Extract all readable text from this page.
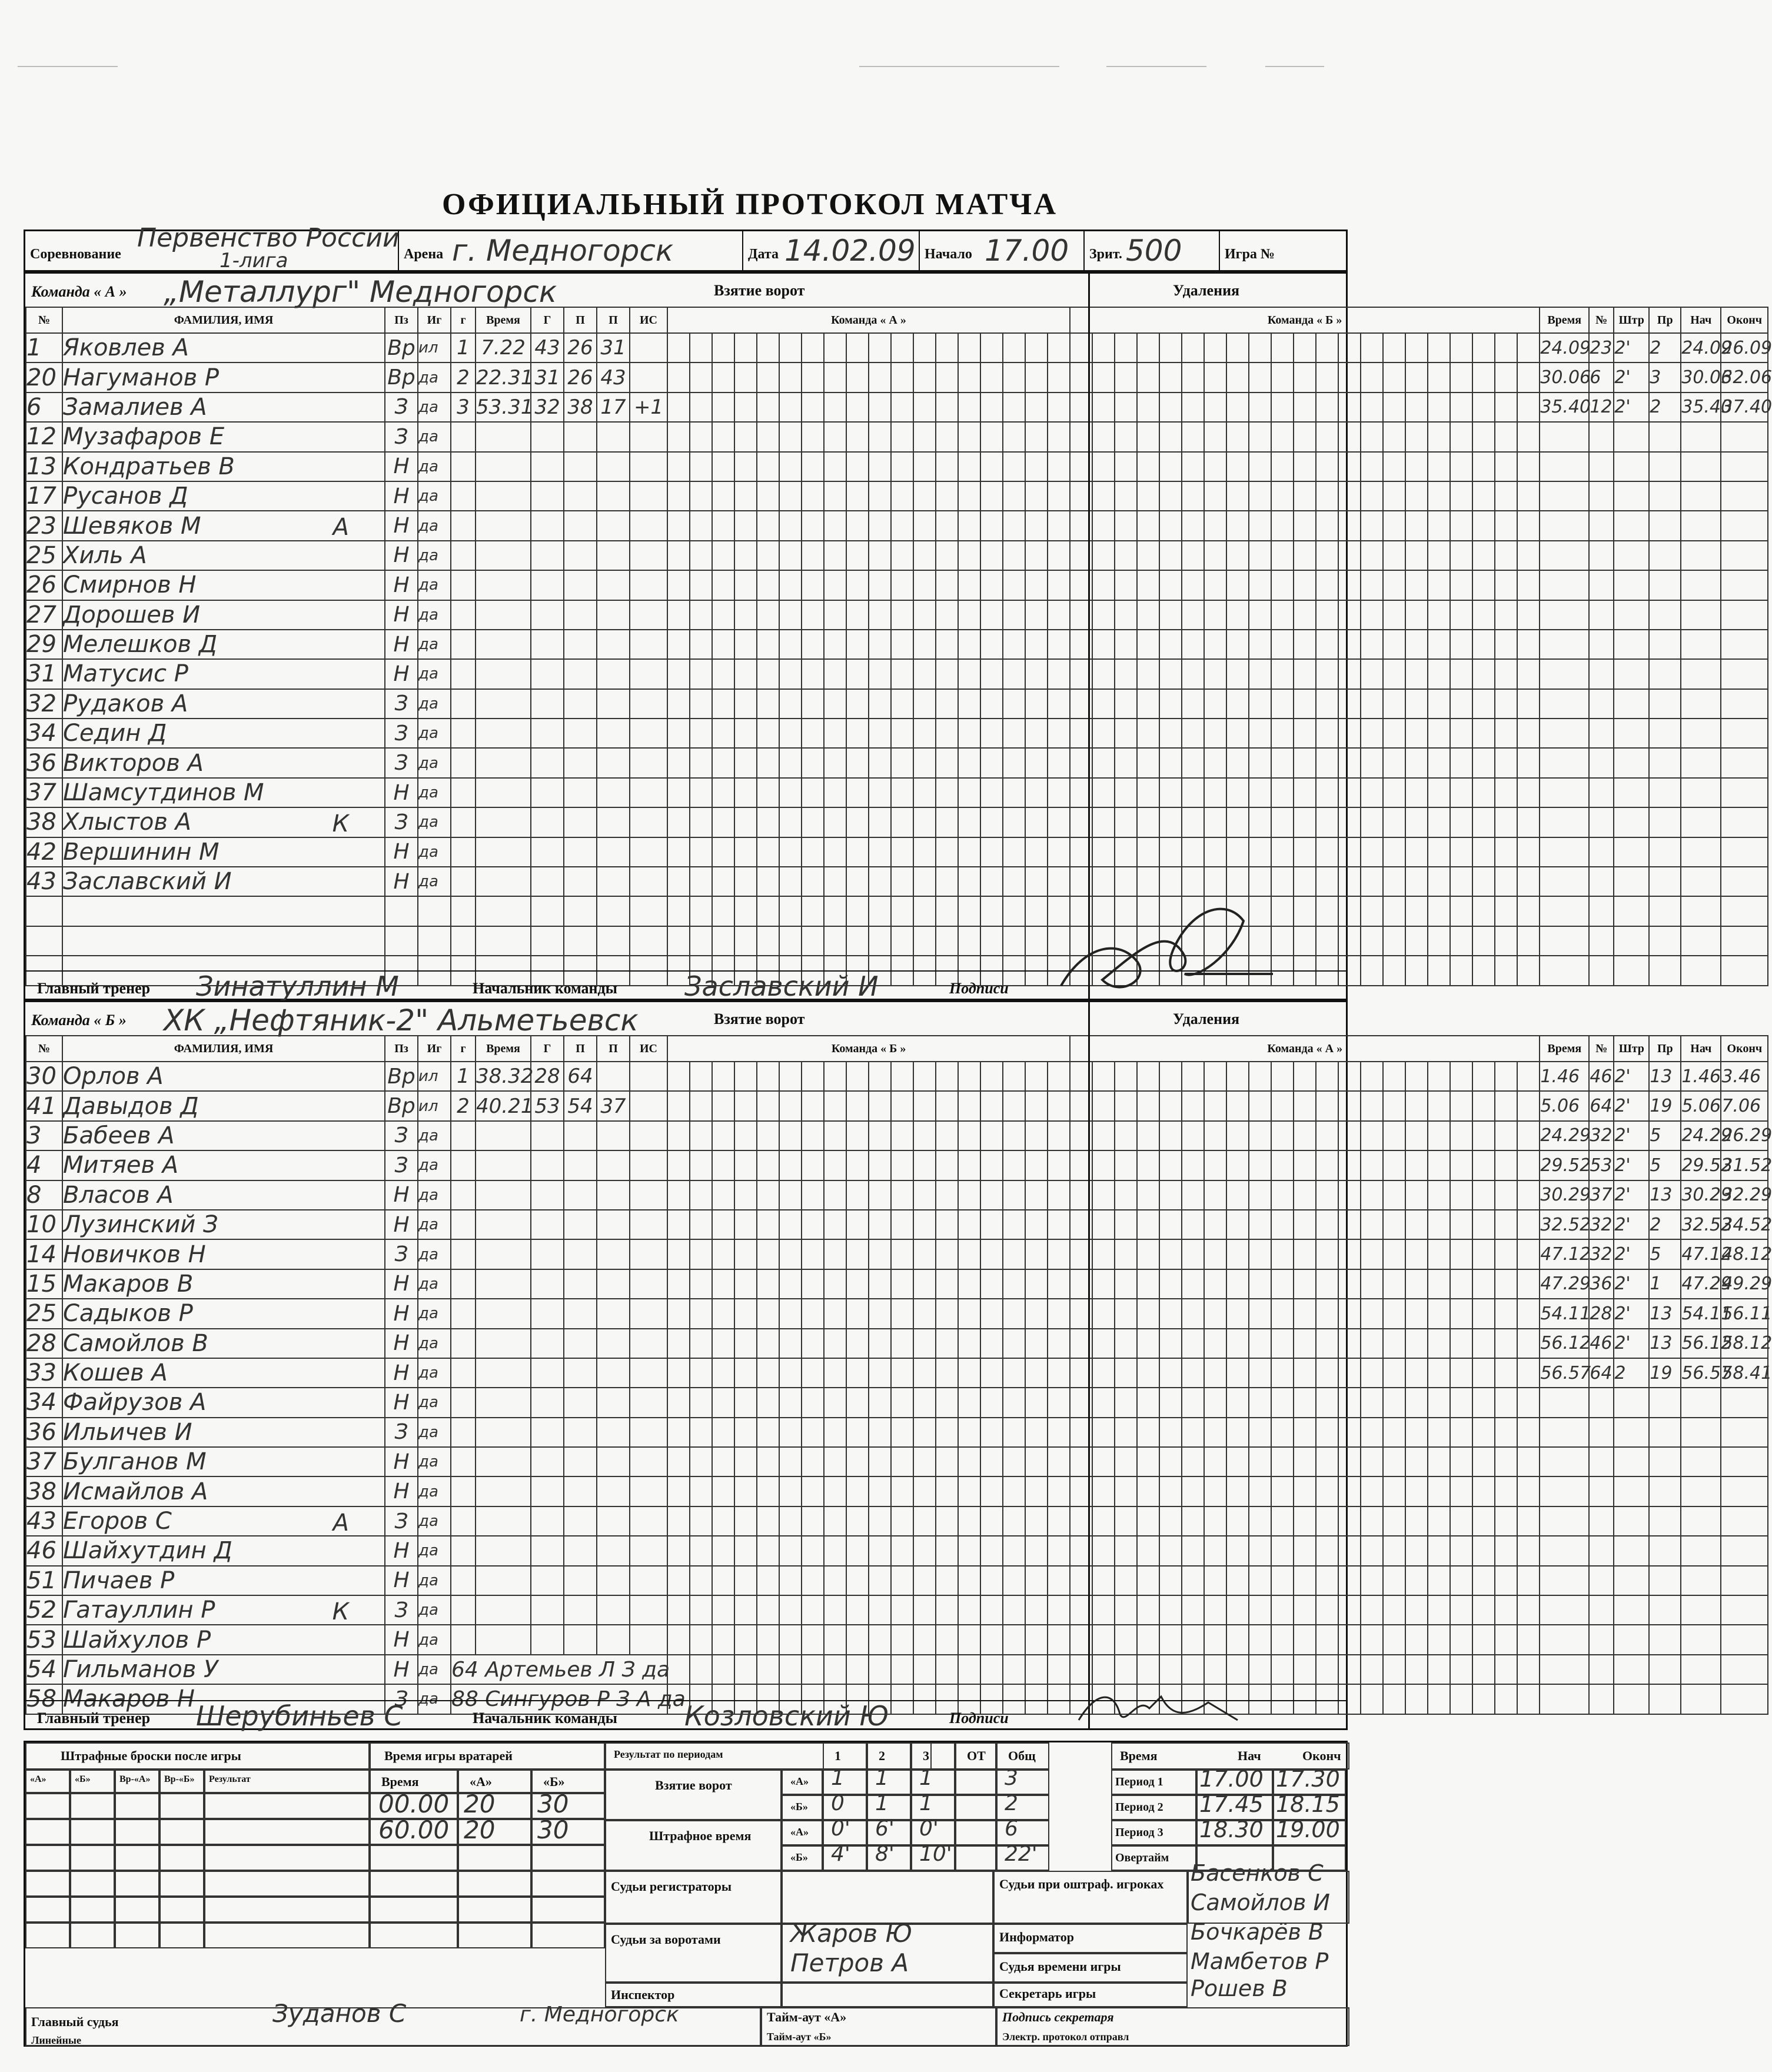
ОФИЦИАЛЬНЫЙ ПРОТОКОЛ МАТЧА
Соревнование
Первенство России
1-лига	Арена г. Медногорск	Дата 14.02.09 Начало 17.00 Зрит. 500	Игра №
Команда « А » „Металлург" Медногорск	Взятие ворот	Удаления
№	ФАМИЛИЯ, ИМЯ	Пз	Иг	г	Время	Г	П	П	ИС	Команда « А »																		Команда « Б »																					Время	№	Штр	Пр	Нач	Оконч
1	Яковлев А	Вр	ил	1	7.22	43	26	31																																									24.09	23	2'	2	24.09	26.09
20	Нагуманов Р	Вр	да	2	22.31	31	26	43																																									30.06	6	2'	3	30.06	32.06
6	Замалиев А	З	да	3	53.31	32	38	17	+1																																								35.40	12	2'	2	35.40	37.40
12	Музафаров Е	З	да																																																			
13	Кондратьев В	Н	да																																																			
17	Русанов Д	Н	да																																																			
23	Шевяков М А	Н	да																																																			
25	Хиль А	Н	да																																																			
26	Смирнов Н	Н	да																																																			
27	Дорошев И	Н	да																																																			
29	Мелешков Д	Н	да																																																			
31	Матусис Р	Н	да																																																			
32	Рудаков А	З	да																																																			
34	Седин Д	З	да																																																			
36	Викторов А	З	да																																																			
37	Шамсутдинов М	Н	да																																																			
38	Хлыстов А К	З	да																																																			
42	Вершинин М	Н	да																																																			
43	Заславский И	Н	да																																																			

Главный тренер Зинатуллин М	Начальник команды Заславский И	Подписи
Команда « Б » ХК „Нефтяник-2" Альметьевск	Взятие ворот	Удаления
№	ФАМИЛИЯ, ИМЯ	Пз	Иг	г	Время	Г	П	П	ИС	Команда « Б »																		Команда « А »																					Время	№	Штр	Пр	Нач	Оконч
30	Орлов А	Вр	ил	1	38.32	28	64																																										1.46	46	2'	13	1.46	3.46
41	Давыдов Д	Вр	ил	2	40.21	53	54	37																																									5.06	64	2'	19	5.06	7.06
3	Бабеев А	З	да																																														24.29	32	2'	5	24.29	26.29
4	Митяев А	З	да																																														29.52	53	2'	5	29.52	31.52
8	Власов А	Н	да																																														30.29	37	2'	13	30.29	32.29
10	Лузинский З	Н	да																																														32.52	32	2'	2	32.52	34.52
14	Новичков Н	З	да																																														47.12	32	2'	5	47.12	48.12
15	Макаров В	Н	да																																														47.29	36	2'	1	47.29	49.29
25	Садыков Р	Н	да																																														54.11	28	2'	13	54.11	56.11
28	Самойлов В	Н	да																																														56.12	46	2'	13	56.12	58.12
33	Кошев А	Н	да																																														56.57	64	2	19	56.57	58.41
34	Файрузов А	Н	да																																																			
36	Ильичев И	З	да																																																			
37	Булганов М	Н	да																																																			
38	Исмайлов А	Н	да																																																			
43	Егоров С А	З	да																																																			
46	Шайхутдин Д	Н	да																																																			
51	Пичаев Р	Н	да																																																			
52	Гатауллин Р К	З	да																																																			
53	Шайхулов Р	Н	да																																																			
54	Гильманов У	Н	да	64 Артемьев Л З да																																																		
58	Макаров Н	З	да	88 Сингуров Р З А да																																																		
Главный тренер Шерубиньев С	Начальник команды Козловский Ю	Подписи
Штрафные броски после игры
«А»	«Б»	Вр-«А» Вр-«Б» Результат
Время игры вратарей
Время	«А»	«Б»
00.00 20 30
60.00 20 30
Результат по периодам	1	2	3	ОТ Общ
Взятие ворот
Штрафное время
«А» 1 1 1	3
«Б» 0 1 1	2
«А» 0' 6' 0'	6
«Б» 4' 8' 10' 22'
Время	Нач	Оконч
Период 1 17.00 17.30
Период 2 17.45 18.15
Период 3 18.30 19.00
Овертайм
Судьи регистраторы
Судьи за воротами	Жаров Ю
Петров А
Инспектор
Судьи при оштраф. игроках Басенков С
Самойлов И
Информатор	Бочкарёв В
Судья времени игры	Мамбетов Р
Секретарь игры	Рошев В
Главный судья	Зуданов С	г. Медногорск
Линейные
Тайм-аут «А»
Тайм-аут «Б»
Подпись секретаря
Электр. протокол отправл
